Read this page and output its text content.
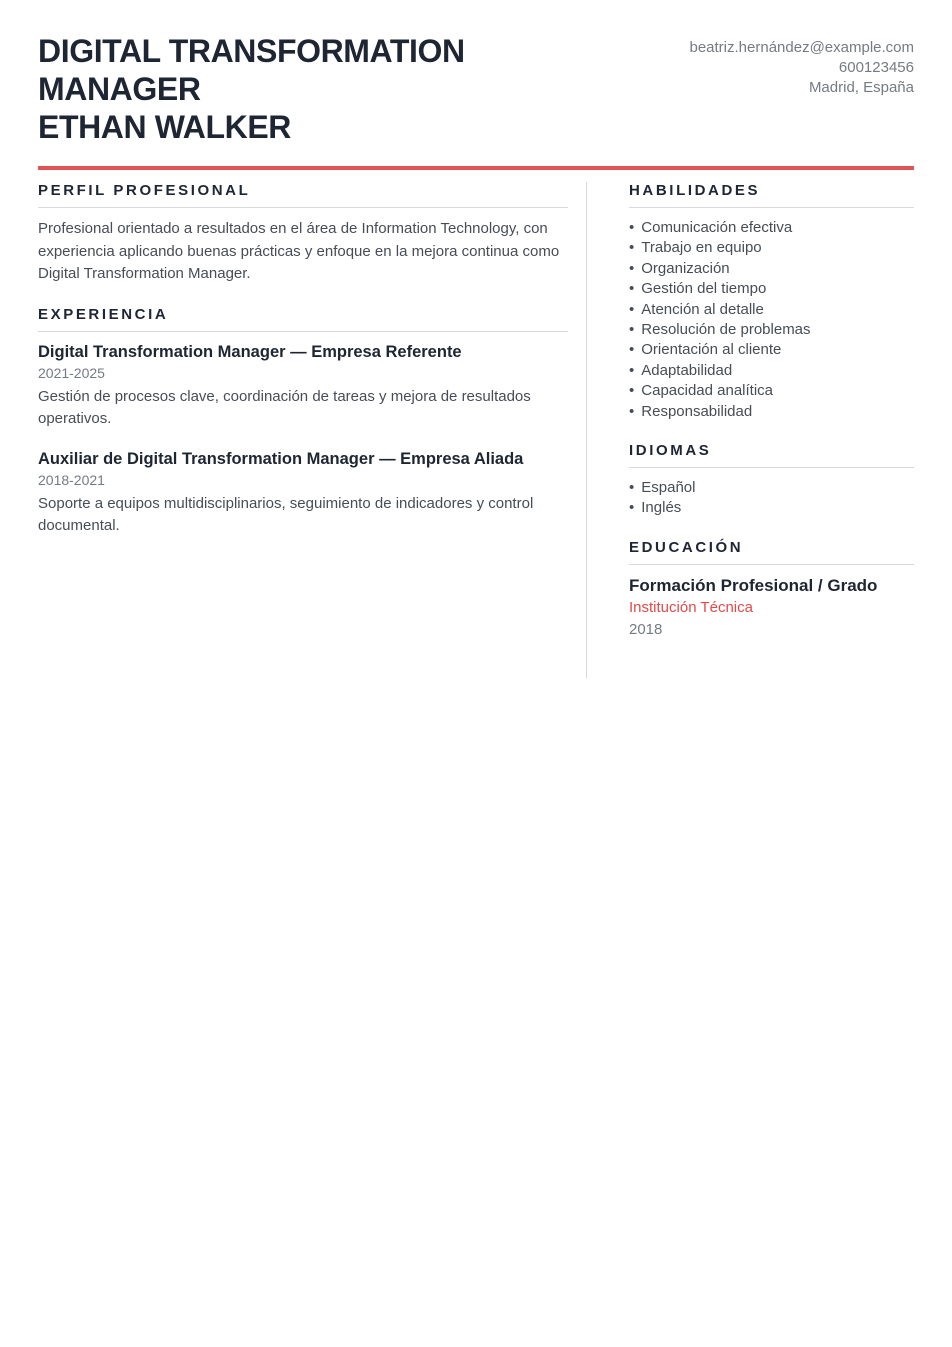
DIGITAL TRANSFORMATION
MANAGER
ETHAN WALKER
beatriz.hernández@example.com
600123456
Madrid, España
PERFIL PROFESIONAL

Profesional orientado a resultados en el área de Information Technology, con experiencia aplicando buenas prácticas y enfoque en la mejora continua como Digital Transformation Manager.

EXPERIENCIA
Digital Transformation Manager — Empresa Referente
2021-2025

Gestión de procesos clave, coordinación de tareas y mejora de resultados operativos.

Auxiliar de Digital Transformation Manager — Empresa Aliada
2018-2021

Soporte a equipos multidisciplinarios, seguimiento de indicadores y control documental.

HABILIDADES
• Comunicación efectiva
• Trabajo en equipo
• Organización
• Gestión del tiempo
• Atención al detalle
• Resolución de problemas
• Orientación al cliente
• Adaptabilidad
• Capacidad analítica
• Responsabilidad
IDIOMAS
• Español
• Inglés
EDUCACIÓN
Formación Profesional / Grado
Institución Técnica
2018
